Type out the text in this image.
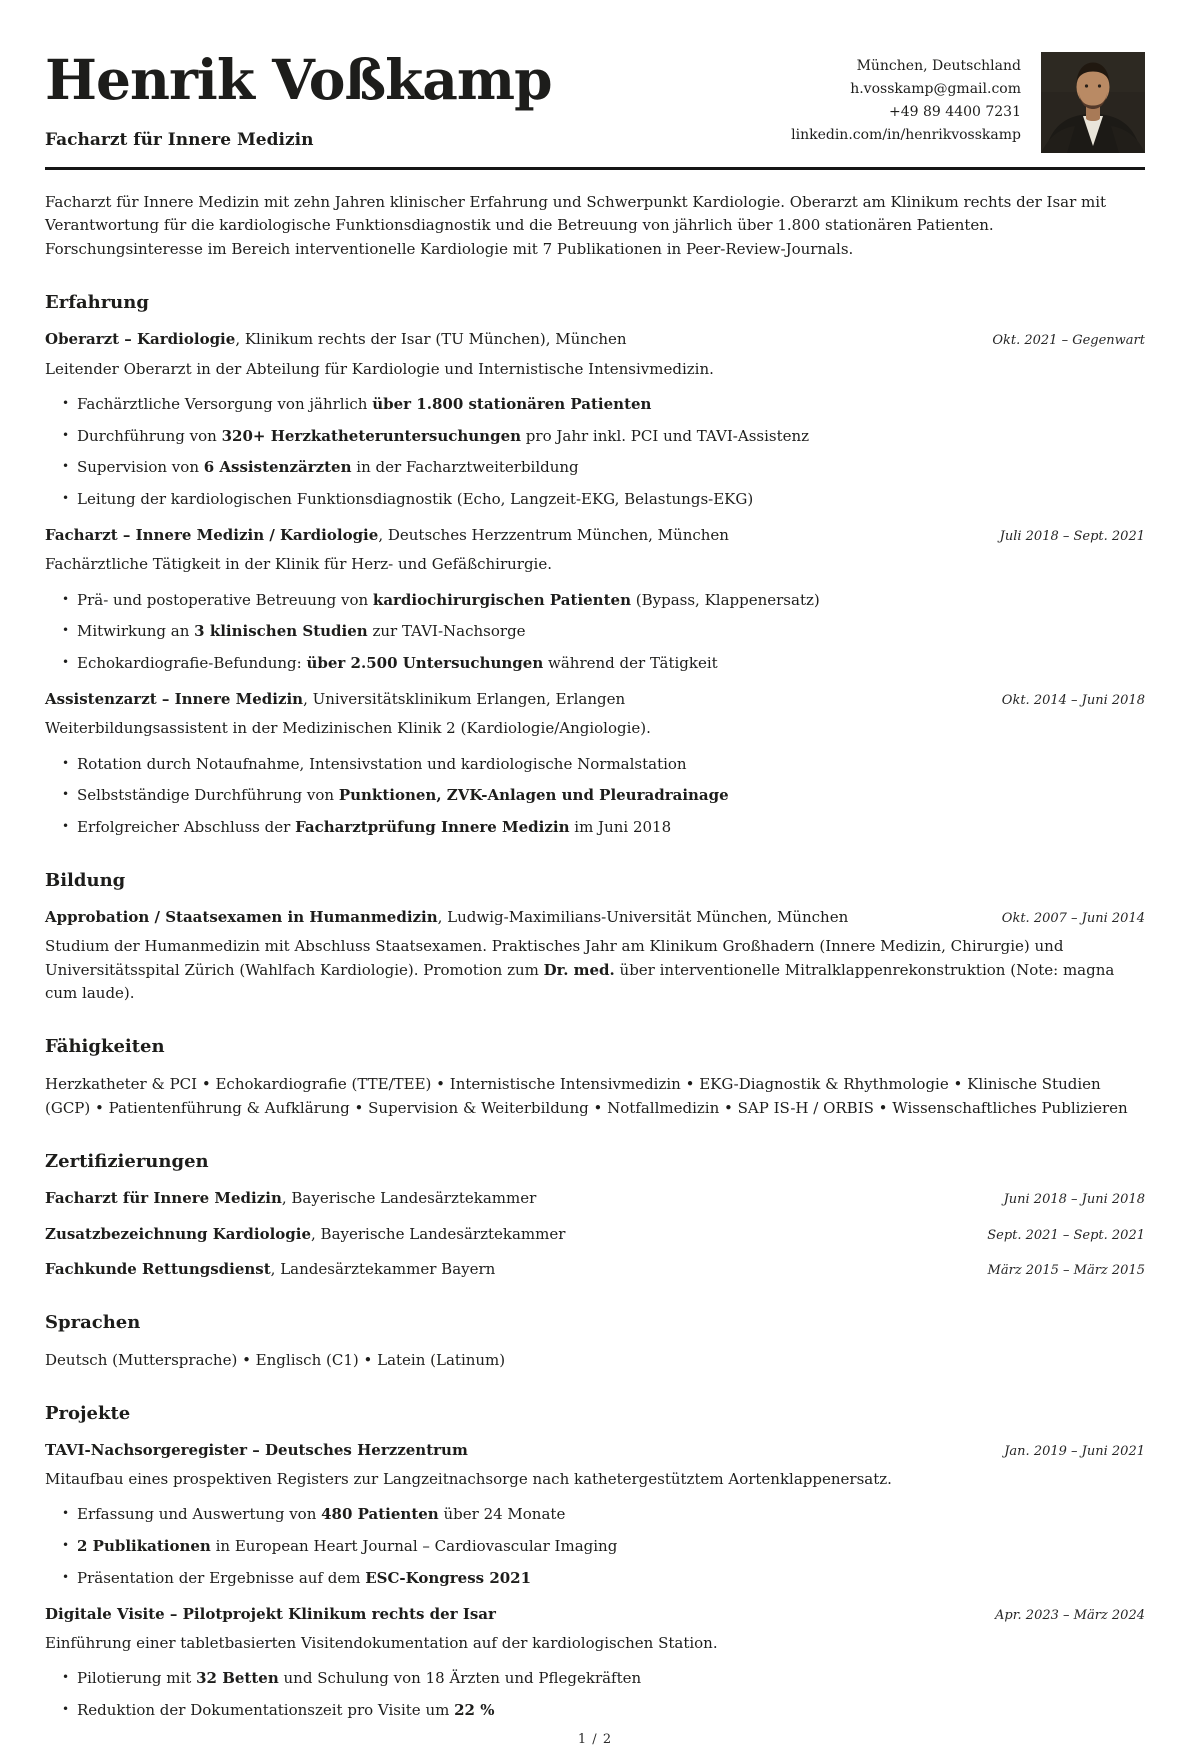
Henrik Voßkamp
Facharzt für Innere Medizin
München, Deutschland
h.vosskamp@gmail.com
+49 89 4400 7231
linkedin.com/in/henrikvosskamp

Facharzt für Innere Medizin mit zehn Jahren klinischer Erfahrung und Schwerpunkt Kardiologie. Oberarzt am Klinikum rechts der Isar mit Verantwortung für die kardiologische Funktionsdiagnostik und die Betreuung von jährlich über 1.800 stationären Patienten. Forschungsinteresse im Bereich interventionelle Kardiologie mit 7 Publikationen in Peer-Review-Journals.

Erfahrung
Oberarzt – Kardiologie, Klinikum rechts der Isar (TU München), München	Okt. 2021 – Gegenwart
Leitender Oberarzt in der Abteilung für Kardiologie und Internistische Intensivmedizin.
• Fachärztliche Versorgung von jährlich über 1.800 stationären Patienten
• Durchführung von 320+ Herzkatheteruntersuchungen pro Jahr inkl. PCI und TAVI-Assistenz
• Supervision von 6 Assistenzärzten in der Facharztweiterbildung
• Leitung der kardiologischen Funktionsdiagnostik (Echo, Langzeit-EKG, Belastungs-EKG)
Facharzt – Innere Medizin / Kardiologie, Deutsches Herzzentrum München, München	Juli 2018 – Sept. 2021
Fachärztliche Tätigkeit in der Klinik für Herz- und Gefäßchirurgie.
• Prä- und postoperative Betreuung von kardiochirurgischen Patienten (Bypass, Klappenersatz)
• Mitwirkung an 3 klinischen Studien zur TAVI-Nachsorge
• Echokardiografie-Befundung: über 2.500 Untersuchungen während der Tätigkeit
Assistenzarzt – Innere Medizin, Universitätsklinikum Erlangen, Erlangen	Okt. 2014 – Juni 2018
Weiterbildungsassistent in der Medizinischen Klinik 2 (Kardiologie/Angiologie).
• Rotation durch Notaufnahme, Intensivstation und kardiologische Normalstation
• Selbstständige Durchführung von Punktionen, ZVK-Anlagen und Pleuradrainage
• Erfolgreicher Abschluss der Facharztprüfung Innere Medizin im Juni 2018
Bildung
Approbation / Staatsexamen in Humanmedizin, Ludwig-Maximilians-Universität München, München	Okt. 2007 – Juni 2014
Studium der Humanmedizin mit Abschluss Staatsexamen. Praktisches Jahr am Klinikum Großhadern (Innere Medizin, Chirurgie) und Universitätsspital Zürich (Wahlfach Kardiologie). Promotion zum Dr. med. über interventionelle Mitralklappenrekonstruktion (Note: magna cum laude).
Fähigkeiten

Herzkatheter & PCI • Echokardiografie (TTE/TEE) • Internistische Intensivmedizin • EKG-Diagnostik & Rhythmologie • Klinische Studien (GCP) • Patientenführung & Aufklärung • Supervision & Weiterbildung • Notfallmedizin • SAP IS-H / ORBIS • Wissenschaftliches Publizieren

Zertifizierungen
Facharzt für Innere Medizin, Bayerische Landesärztekammer	Juni 2018 – Juni 2018
Zusatzbezeichnung Kardiologie, Bayerische Landesärztekammer	Sept. 2021 – Sept. 2021
Fachkunde Rettungsdienst, Landesärztekammer Bayern	März 2015 – März 2015
Sprachen

Deutsch (Muttersprache) • Englisch (C1) • Latein (Latinum)

Projekte
TAVI-Nachsorgeregister – Deutsches Herzzentrum	Jan. 2019 – Juni 2021
Mitaufbau eines prospektiven Registers zur Langzeitnachsorge nach kathetergestütztem Aortenklappenersatz.
• Erfassung und Auswertung von 480 Patienten über 24 Monate
• 2 Publikationen in European Heart Journal – Cardiovascular Imaging
• Präsentation der Ergebnisse auf dem ESC-Kongress 2021
Digitale Visite – Pilotprojekt Klinikum rechts der Isar	Apr. 2023 – März 2024
Einführung einer tabletbasierten Visitendokumentation auf der kardiologischen Station.
• Pilotierung mit 32 Betten und Schulung von 18 Ärzten und Pflegekräften
• Reduktion der Dokumentationszeit pro Visite um 22 %
1 / 2
